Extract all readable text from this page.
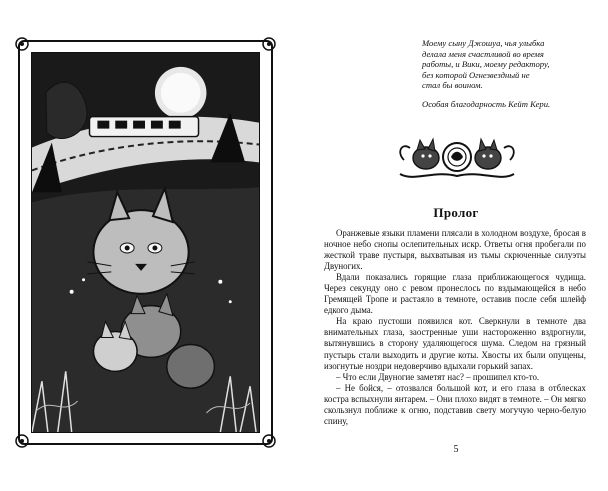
Моему сыну Джошуа, чья улыбка

делала меня счастливой во время

работы, и Вики, моему редактору,

без которой Огнезвездный не

стал бы воином.

Особая благодарность Кейт Кери.

Пролог

Оранжевые языки пламени плясали в холодном воздухе, бросая в ночное небо снопы ослепительных искр. Ответы огня пробегали по жесткой траве пустыря, выхватывая из тьмы скрюченные силуэты Двуногих.

Вдали показались горящие глаза приближающегося чудища. Через секунду оно с ревом пронеслось по вздымающейся в небо Гремящей Тропе и растаяло в темноте, оставив после себя шлейф едкого дыма.

На краю пустоши появился кот. Сверкнули в темноте два внимательных глаза, заостренные уши настороженно вздрогнули, вытянувшись в сторону удаляющегося шума. Следом на грязный пустырь стали выходить и другие коты. Хвосты их были опущены, изогнутые ноздри недоверчиво вдыхали горький запах.

– Что если Двуногие заметят нас? – прошипел кто-то.

– Не бойся, – отозвался большой кот, и его глаза в отблесках костра вспыхнули янтарем. – Они плохо видят в темноте. – Он мягко скользнул поближе к огню, подставив свету могучую черно-белую спину,

5
